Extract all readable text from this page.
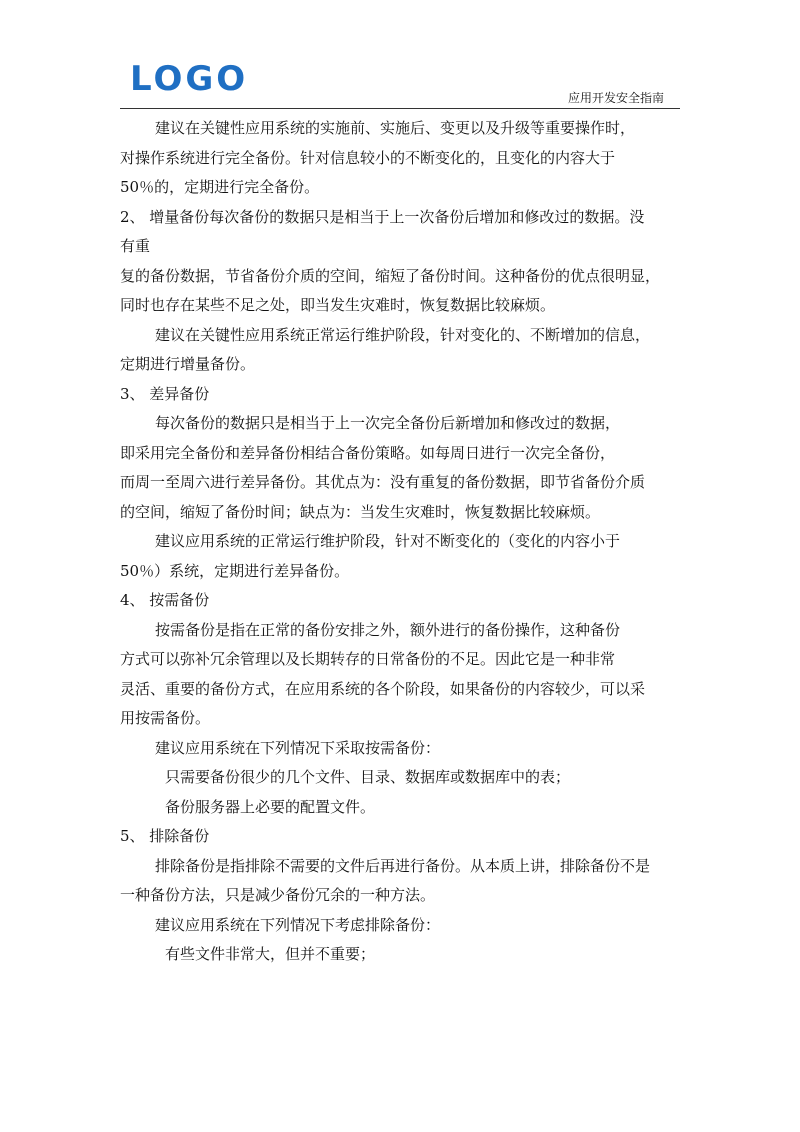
LOGO	应用开发安全指南

建议在关键性应用系统的实施前、实施后、变更以及升级等重要操作时，

对操作系统进行完全备份。针对信息较小的不断变化的，且变化的内容大于

50％的，定期进行完全备份。

2、 增量备份每次备份的数据只是相当于上一次备份后增加和修改过的数据。没

有重

复的备份数据，节省备份介质的空间，缩短了备份时间。这种备份的优点很明显，

同时也存在某些不足之处，即当发生灾难时，恢复数据比较麻烦。

建议在关键性应用系统正常运行维护阶段，针对变化的、不断增加的信息，

定期进行增量备份。

3、 差异备份

每次备份的数据只是相当于上一次完全备份后新增加和修改过的数据，

即采用完全备份和差异备份相结合备份策略。如每周日进行一次完全备份，

而周一至周六进行差异备份。其优点为：没有重复的备份数据，即节省备份介质

的空间，缩短了备份时间；缺点为：当发生灾难时，恢复数据比较麻烦。

建议应用系统的正常运行维护阶段，针对不断变化的（变化的内容小于

50％）系统，定期进行差异备份。

4、 按需备份

按需备份是指在正常的备份安排之外，额外进行的备份操作，这种备份

方式可以弥补冗余管理以及长期转存的日常备份的不足。因此它是一种非常

灵活、重要的备份方式，在应用系统的各个阶段，如果备份的内容较少，可以采

用按需备份。

建议应用系统在下列情况下采取按需备份：

只需要备份很少的几个文件、目录、数据库或数据库中的表；

备份服务器上必要的配置文件。

5、 排除备份

排除备份是指排除不需要的文件后再进行备份。从本质上讲，排除备份不是

一种备份方法，只是减少备份冗余的一种方法。

建议应用系统在下列情况下考虑排除备份：

有些文件非常大，但并不重要；
